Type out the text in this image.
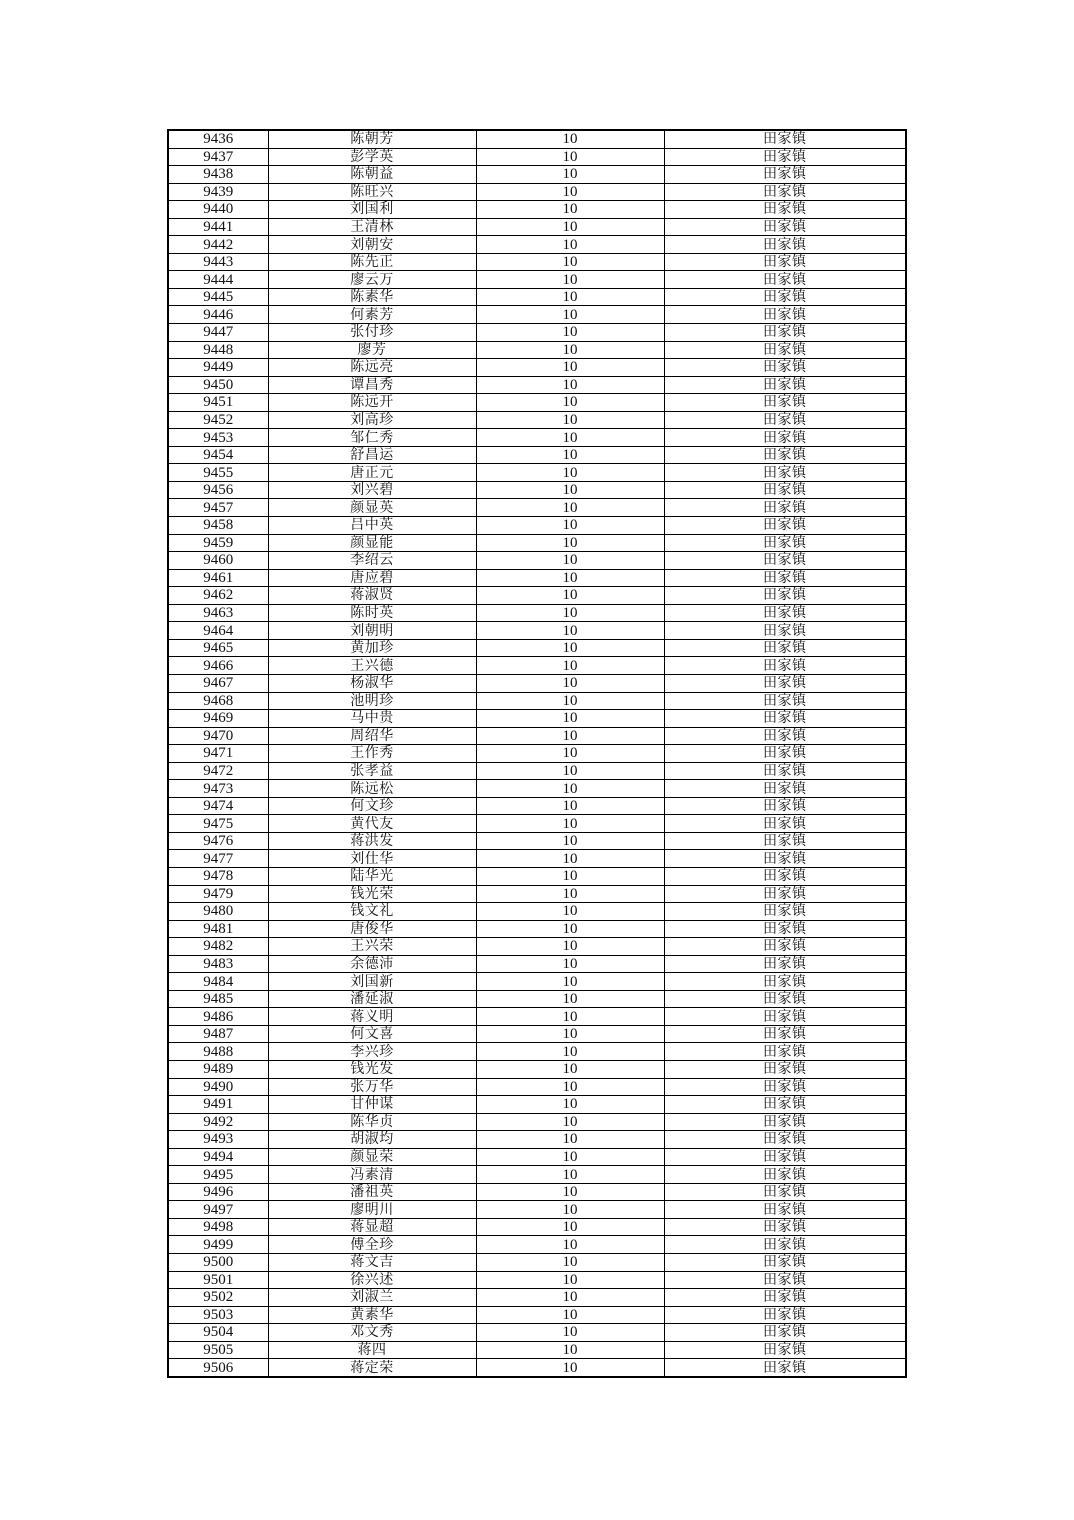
9436	陈朝芳	10	田家镇
9437	彭学英	10	田家镇
9438	陈朝益	10	田家镇
9439	陈旺兴	10	田家镇
9440	刘国利	10	田家镇
9441	王清林	10	田家镇
9442	刘朝安	10	田家镇
9443	陈先正	10	田家镇
9444	廖云万	10	田家镇
9445	陈素华	10	田家镇
9446	何素芳	10	田家镇
9447	张付珍	10	田家镇
9448	廖芳	10	田家镇
9449	陈远亮	10	田家镇
9450	谭昌秀	10	田家镇
9451	陈远开	10	田家镇
9452	刘高珍	10	田家镇
9453	邹仁秀	10	田家镇
9454	舒昌运	10	田家镇
9455	唐正元	10	田家镇
9456	刘兴碧	10	田家镇
9457	颜显英	10	田家镇
9458	吕中英	10	田家镇
9459	颜显能	10	田家镇
9460	李绍云	10	田家镇
9461	唐应碧	10	田家镇
9462	蒋淑贤	10	田家镇
9463	陈时英	10	田家镇
9464	刘朝明	10	田家镇
9465	黄加珍	10	田家镇
9466	王兴德	10	田家镇
9467	杨淑华	10	田家镇
9468	池明珍	10	田家镇
9469	马中贵	10	田家镇
9470	周绍华	10	田家镇
9471	王作秀	10	田家镇
9472	张孝益	10	田家镇
9473	陈远松	10	田家镇
9474	何文珍	10	田家镇
9475	黄代友	10	田家镇
9476	蒋洪发	10	田家镇
9477	刘仕华	10	田家镇
9478	陆华光	10	田家镇
9479	钱光荣	10	田家镇
9480	钱文礼	10	田家镇
9481	唐俊华	10	田家镇
9482	王兴荣	10	田家镇
9483	余德沛	10	田家镇
9484	刘国新	10	田家镇
9485	潘延淑	10	田家镇
9486	蒋义明	10	田家镇
9487	何文喜	10	田家镇
9488	李兴珍	10	田家镇
9489	钱光发	10	田家镇
9490	张万华	10	田家镇
9491	甘仲谋	10	田家镇
9492	陈华贞	10	田家镇
9493	胡淑均	10	田家镇
9494	颜显荣	10	田家镇
9495	冯素清	10	田家镇
9496	潘祖英	10	田家镇
9497	廖明川	10	田家镇
9498	蒋显超	10	田家镇
9499	傅全珍	10	田家镇
9500	蒋文吉	10	田家镇
9501	徐兴述	10	田家镇
9502	刘淑兰	10	田家镇
9503	黄素华	10	田家镇
9504	邓文秀	10	田家镇
9505	蒋四	10	田家镇
9506	蒋定荣	10	田家镇
